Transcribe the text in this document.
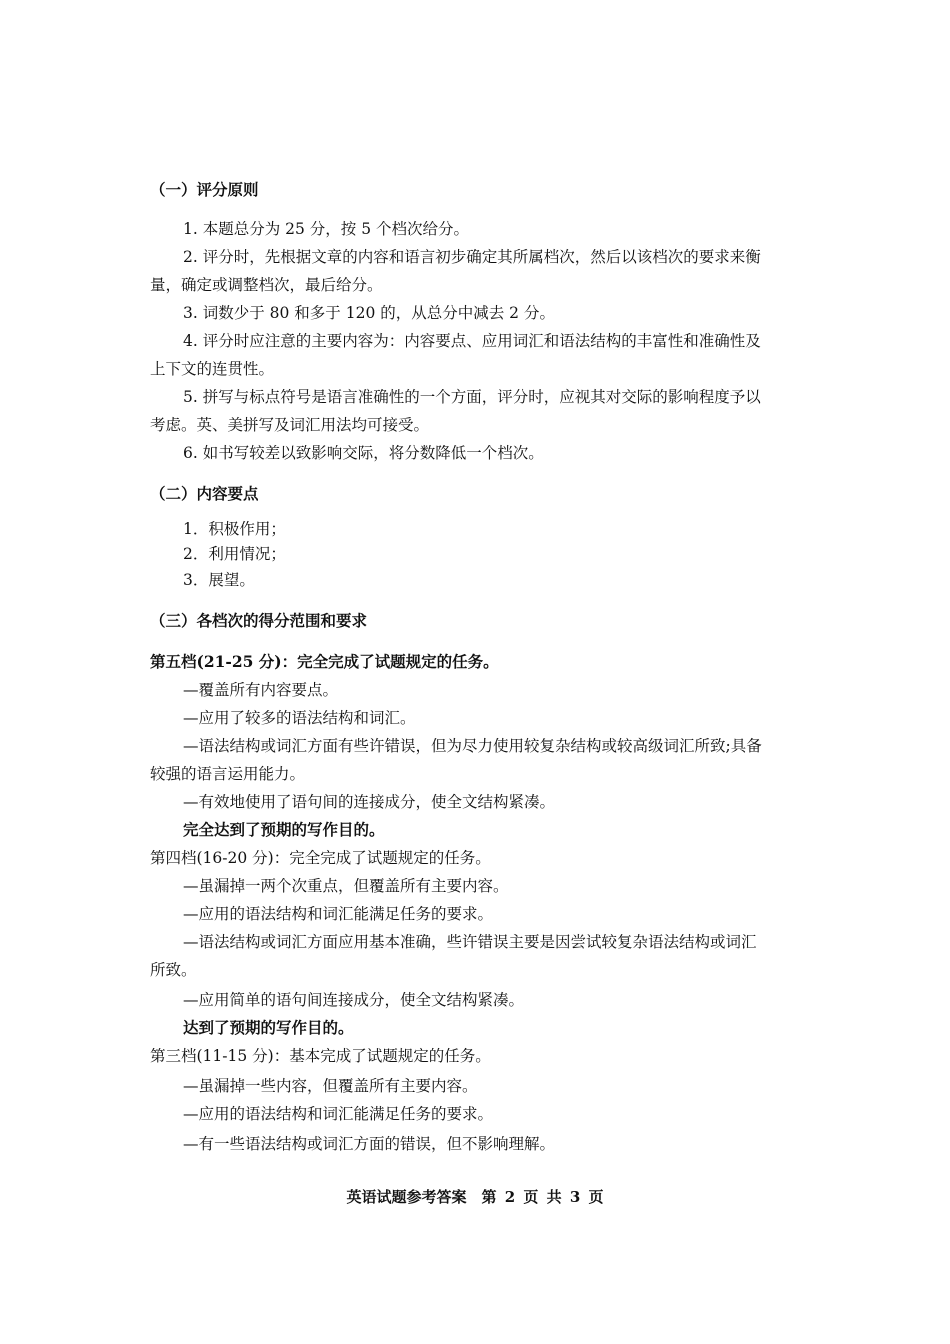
（一）评分原则
1. 本题总分为 25 分，按 5 个档次给分。
2. 评分时，先根据文章的内容和语言初步确定其所属档次，然后以该档次的要求来衡
量，确定或调整档次，最后给分。
3. 词数少于 80 和多于 120 的，从总分中减去 2 分。
4. 评分时应注意的主要内容为：内容要点、应用词汇和语法结构的丰富性和准确性及
上下文的连贯性。
5. 拼写与标点符号是语言准确性的一个方面，评分时，应视其对交际的影响程度予以
考虑。英、美拼写及词汇用法均可接受。
6. 如书写较差以致影响交际，将分数降低一个档次。
（二）内容要点
1．积极作用；
2．利用情况；
3．展望。
（三）各档次的得分范围和要求
第五档(21-25 分)：完全完成了试题规定的任务。
—覆盖所有内容要点。
—应用了较多的语法结构和词汇。
—语法结构或词汇方面有些许错误，但为尽力使用较复杂结构或较高级词汇所致;具备
较强的语言运用能力。
—有效地使用了语句间的连接成分，使全文结构紧凑。
完全达到了预期的写作目的。
第四档(16-20 分)：完全完成了试题规定的任务。
—虽漏掉一两个次重点，但覆盖所有主要内容。
—应用的语法结构和词汇能满足任务的要求。
—语法结构或词汇方面应用基本准确，些许错误主要是因尝试较复杂语法结构或词汇
所致。
—应用简单的语句间连接成分，使全文结构紧凑。
达到了预期的写作目的。
第三档(11-15 分)：基本完成了试题规定的任务。
—虽漏掉一些内容，但覆盖所有主要内容。
—应用的语法结构和词汇能满足任务的要求。
—有一些语法结构或词汇方面的错误，但不影响理解。
英语试题参考答案　第 2 页 共 3 页
